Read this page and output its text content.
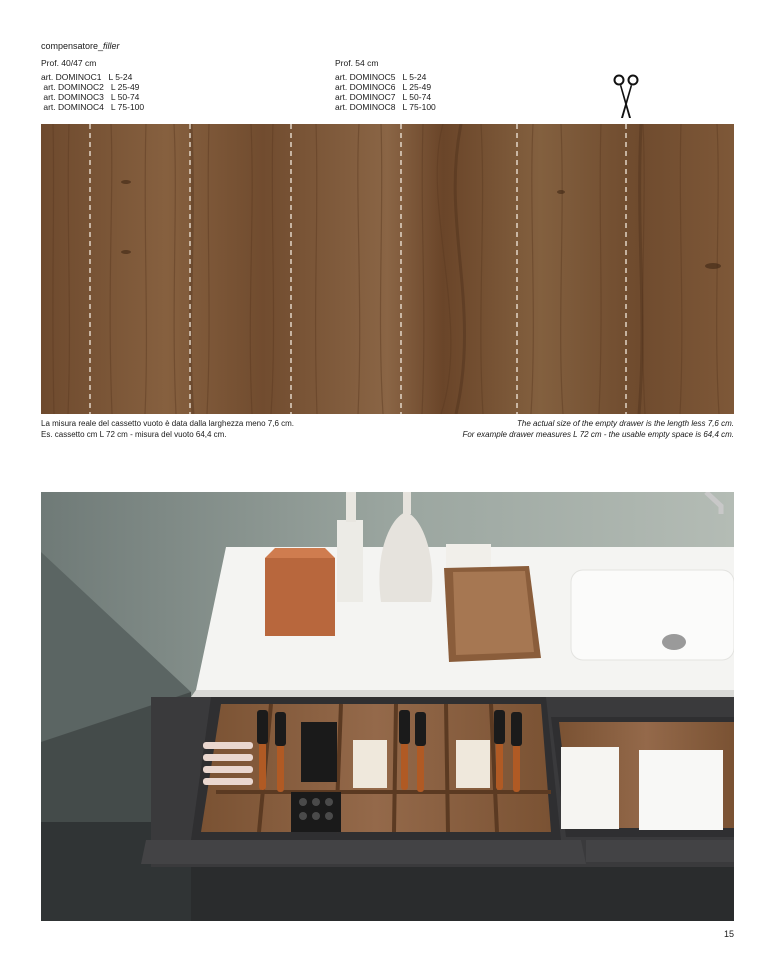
compensatore_filler
Prof. 40/47 cm
art. DOMINOC1   L 5-24
art. DOMINOC2   L 25-49
art. DOMINOC3   L 50-74
art. DOMINOC4   L 75-100
Prof. 54 cm
art. DOMINOC5   L 5-24
art. DOMINOC6   L 25-49
art. DOMINOC7   L 50-74
art. DOMINOC8   L 75-100
La misura reale del cassetto vuoto è data dalla larghezza meno 7,6 cm.
Es. cassetto cm L 72 cm - misura del vuoto 64,4 cm.
The actual size of the empty drawer is the length less 7,6 cm.
For example drawer measures L 72 cm - the usable empty space is 64,4 cm.
15
